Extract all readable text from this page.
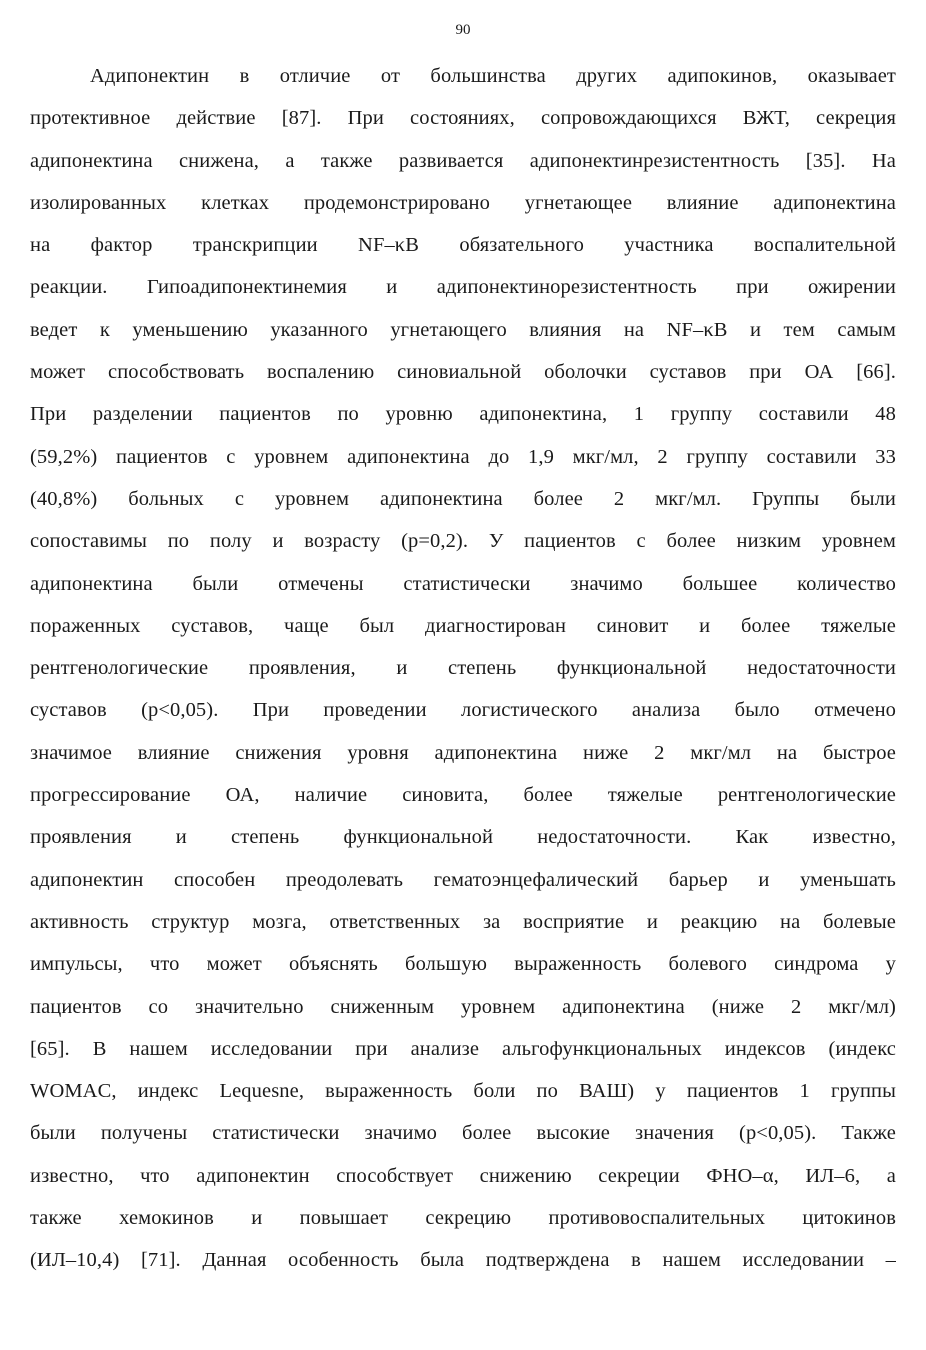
90
Адипонектин в отличие от большинства других адипокинов, оказывает
протективное действие [87]. При состояниях, сопровождающихся ВЖТ, секреция
адипонектина снижена, а также развивается адипонектинрезистентность [35]. На
изолированных клетках продемонстрировано угнетающее влияние адипонектина
на фактор транскрипции NF–κB обязательного участника воспалительной
реакции. Гипоадипонектинемия и адипонектинорезистентность при ожирении
ведет к уменьшению указанного угнетающего влияния на NF–κB и тем самым
может способствовать воспалению синовиальной оболочки суставов при ОА [66].
При разделении пациентов по уровню адипонектина, 1 группу составили 48
(59,2%) пациентов с уровнем адипонектина до 1,9 мкг/мл, 2 группу составили 33
(40,8%) больных с уровнем адипонектина более 2 мкг/мл. Группы были
сопоставимы по полу и возрасту (p=0,2). У пациентов с более низким уровнем
адипонектина были отмечены статистически значимо большее количество
пораженных суставов, чаще был диагностирован синовит и более тяжелые
рентгенологические проявления, и степень функциональной недостаточности
суставов (p<0,05). При проведении логистического анализа было отмечено
значимое влияние снижения уровня адипонектина ниже 2 мкг/мл на быстрое
прогрессирование ОА, наличие синовита, более тяжелые рентгенологические
проявления и степень функциональной недостаточности. Как известно,
адипонектин способен преодолевать гематоэнцефалический барьер и уменьшать
активность структур мозга, ответственных за восприятие и реакцию на болевые
импульсы, что может объяснять большую выраженность болевого синдрома у
пациентов со значительно сниженным уровнем адипонектина (ниже 2 мкг/мл)
[65]. В нашем исследовании при анализе альгофункциональных индексов (индекс
WOMAC, индекс Lequesne, выраженность боли по ВАШ) у пациентов 1 группы
были получены статистически значимо более высокие значения (p<0,05). Также
известно, что адипонектин способствует снижению секреции ФНО–α, ИЛ–6, а
также хемокинов и повышает секрецию противовоспалительных цитокинов
(ИЛ–10,4) [71]. Данная особенность была подтверждена в нашем исследовании –
